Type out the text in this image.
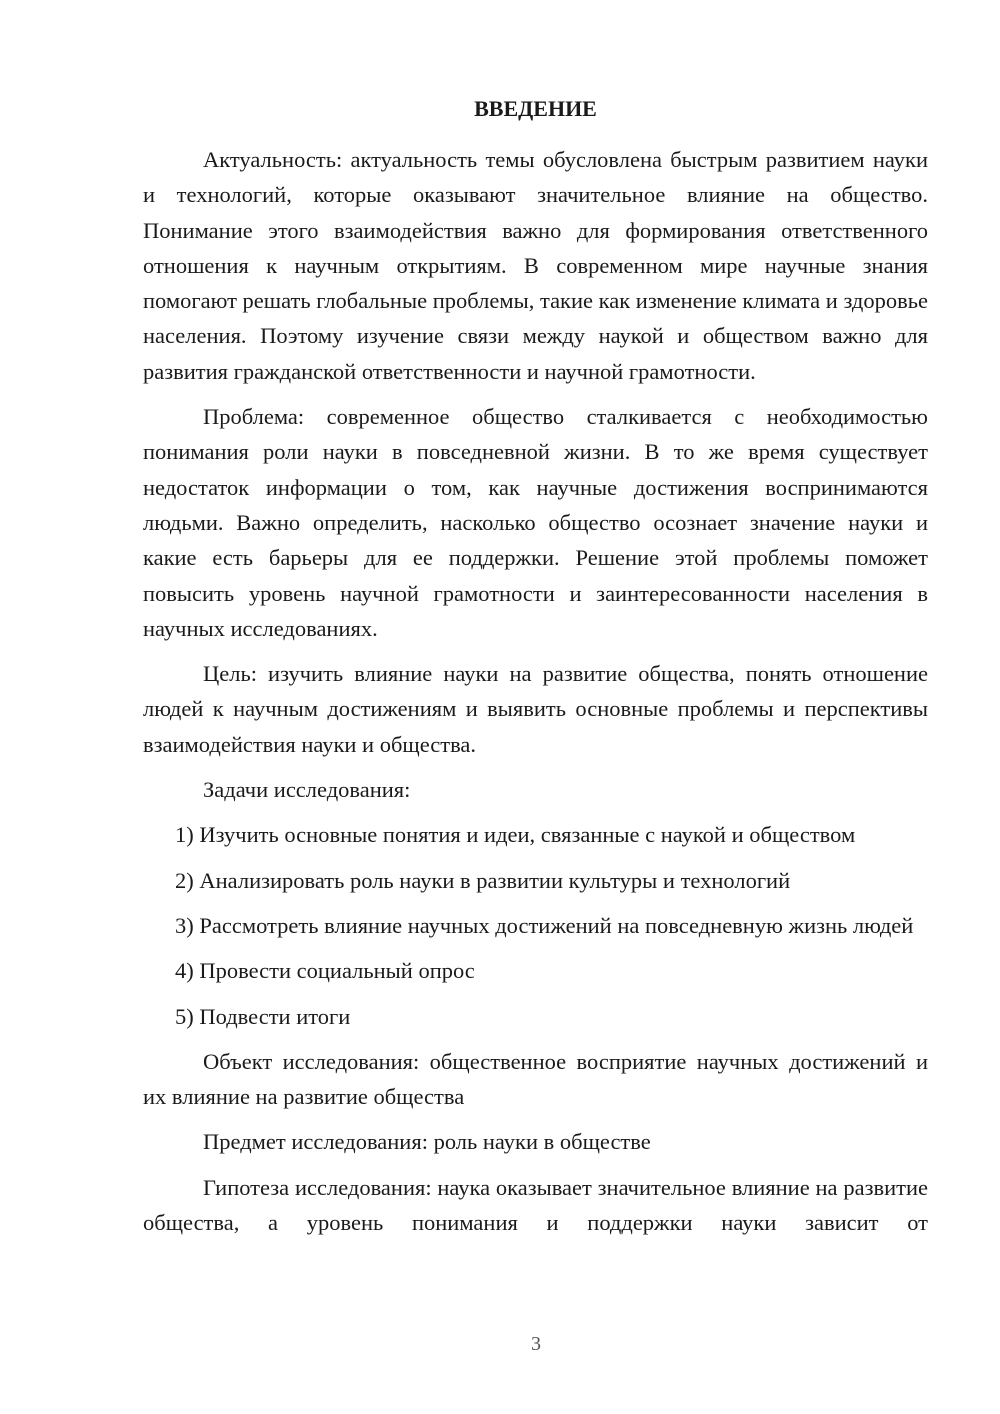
ВВЕДЕНИЕ

Актуальность: актуальность темы обусловлена быстрым развитием науки и технологий, которые оказывают значительное влияние на общество. Понимание этого взаимодействия важно для формирования ответственного отношения к научным открытиям. В современном мире научные знания помогают решать глобальные проблемы, такие как изменение климата и здоровье населения. Поэтому изучение связи между наукой и обществом важно для развития гражданской ответственности и научной грамотности.

Проблема: современное общество сталкивается с необходимостью понимания роли науки в повседневной жизни. В то же время существует недостаток информации о том, как научные достижения воспринимаются людьми. Важно определить, насколько общество осознает значение науки и какие есть барьеры для ее поддержки. Решение этой проблемы поможет повысить уровень научной грамотности и заинтересованности населения в научных исследованиях.

Цель: изучить влияние науки на развитие общества, понять отношение людей к научным достижениям и выявить основные проблемы и перспективы взаимодействия науки и общества.

Задачи исследования:

1) Изучить основные понятия и идеи, связанные с наукой и обществом

2) Анализировать роль науки в развитии культуры и технологий

3) Рассмотреть влияние научных достижений на повседневную жизнь людей

4) Провести социальный опрос

5) Подвести итоги

Объект исследования: общественное восприятие научных достижений и их влияние на развитие общества

Предмет исследования: роль науки в обществе

Гипотеза исследования: наука оказывает значительное влияние на развитие общества, а уровень понимания и поддержки науки зависит от

3
